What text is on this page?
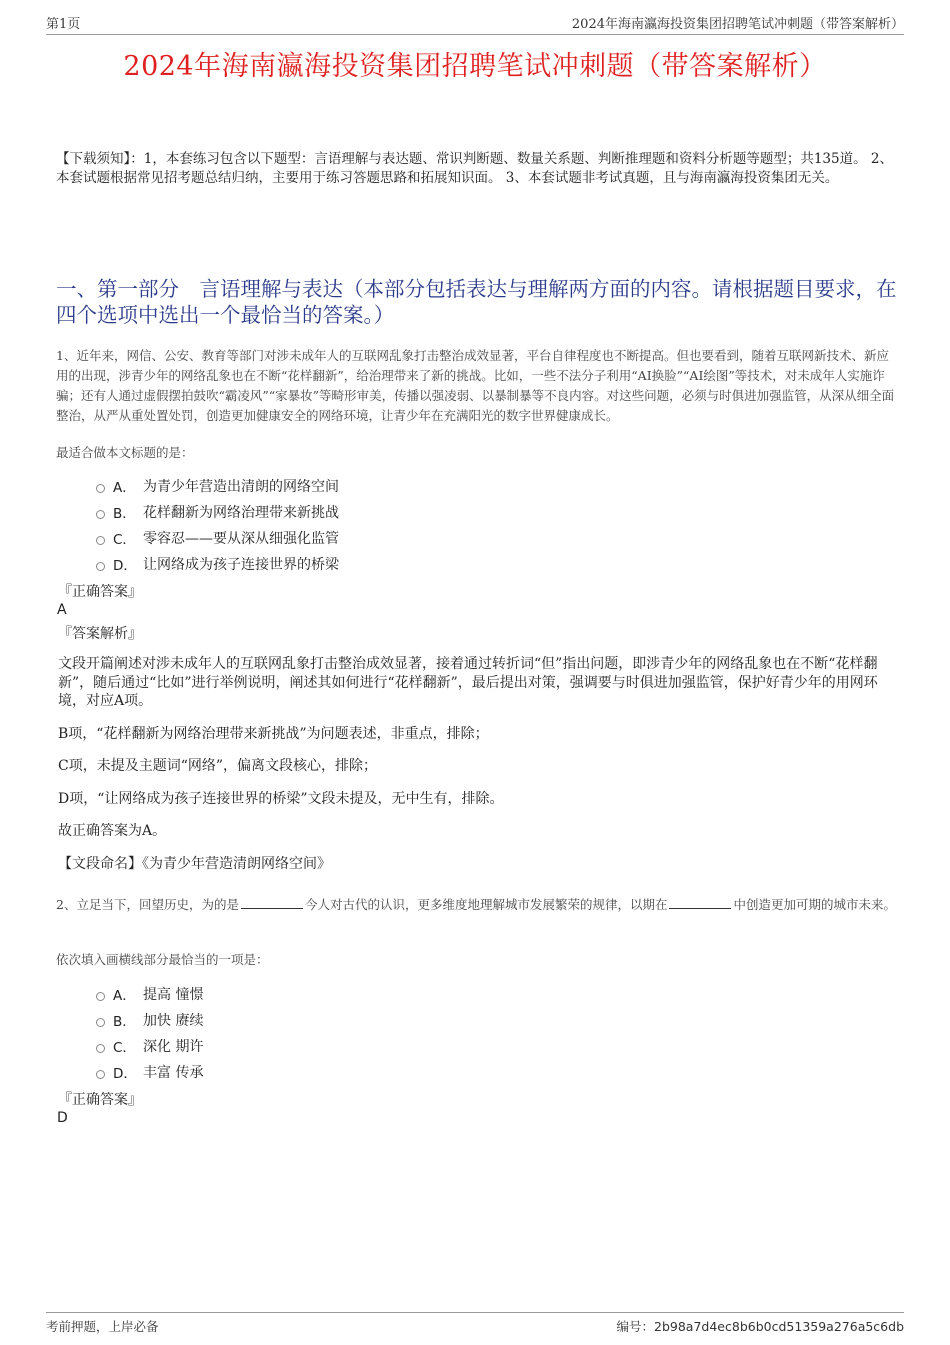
第1页	2024年海南瀛海投资集团招聘笔试冲刺题（带答案解析）
2024年海南瀛海投资集团招聘笔试冲刺题（带答案解析）
【下载须知】：1，本套练习包含以下题型：言语理解与表达题、常识判断题、数量关系题、判断推理题和资料分析题等题型；共135道。 2、本套试题根据常见招考题总结归纳，主要用于练习答题思路和拓展知识面。 3、本套试题非考试真题，且与海南瀛海投资集团无关。
一、第一部分　言语理解与表达（本部分包括表达与理解两方面的内容。请根据题目要求，在四个选项中选出一个最恰当的答案。）
1、近年来，网信、公安、教育等部门对涉未成年人的互联网乱象打击整治成效显著，平台自律程度也不断提高。但也要看到，随着互联网新技术、新应用的出现，涉青少年的网络乱象也在不断“花样翻新”，给治理带来了新的挑战。比如，一些不法分子利用“AI换脸”“AI绘图”等技术，对未成年人实施诈骗；还有人通过虚假摆拍鼓吹“霸凌风”“家暴妆”等畸形审美，传播以强凌弱、以暴制暴等不良内容。对这些问题，必须与时俱进加强监管，从深从细全面整治，从严从重处置处罚，创造更加健康安全的网络环境，让青少年在充满阳光的数字世界健康成长。
最适合做本文标题的是：
A． 为青少年营造出清朗的网络空间
B． 花样翻新为网络治理带来新挑战
C． 零容忍——要从深从细强化监管
D． 让网络成为孩子连接世界的桥梁
『正确答案』
A
『答案解析』

文段开篇阐述对涉未成年人的互联网乱象打击整治成效显著，接着通过转折词“但”指出问题，即涉青少年的网络乱象也在不断“花样翻新”，随后通过“比如”进行举例说明，阐述其如何进行“花样翻新”，最后提出对策，强调要与时俱进加强监管，保护好青少年的用网环境，对应A项。

B项，“花样翻新为网络治理带来新挑战”为问题表述，非重点，排除；

C项，未提及主题词“网络”，偏离文段核心，排除；

D项，“让网络成为孩子连接世界的桥梁”文段未提及，无中生有，排除。

故正确答案为A。

【文段命名】《为青少年营造清朗网络空间》

2、立足当下，回望历史，为的是	今人对古代的认识，更多维度地理解城市发展繁荣的规律，以期在	中创造更加可期的城市未来。
依次填入画横线部分最恰当的一项是：
A． 提高 憧憬
B． 加快 赓续
C． 深化 期许
D． 丰富 传承
『正确答案』
D
考前押题，上岸必备	编号：2b98a7d4ec8b6b0cd51359a276a5c6db
